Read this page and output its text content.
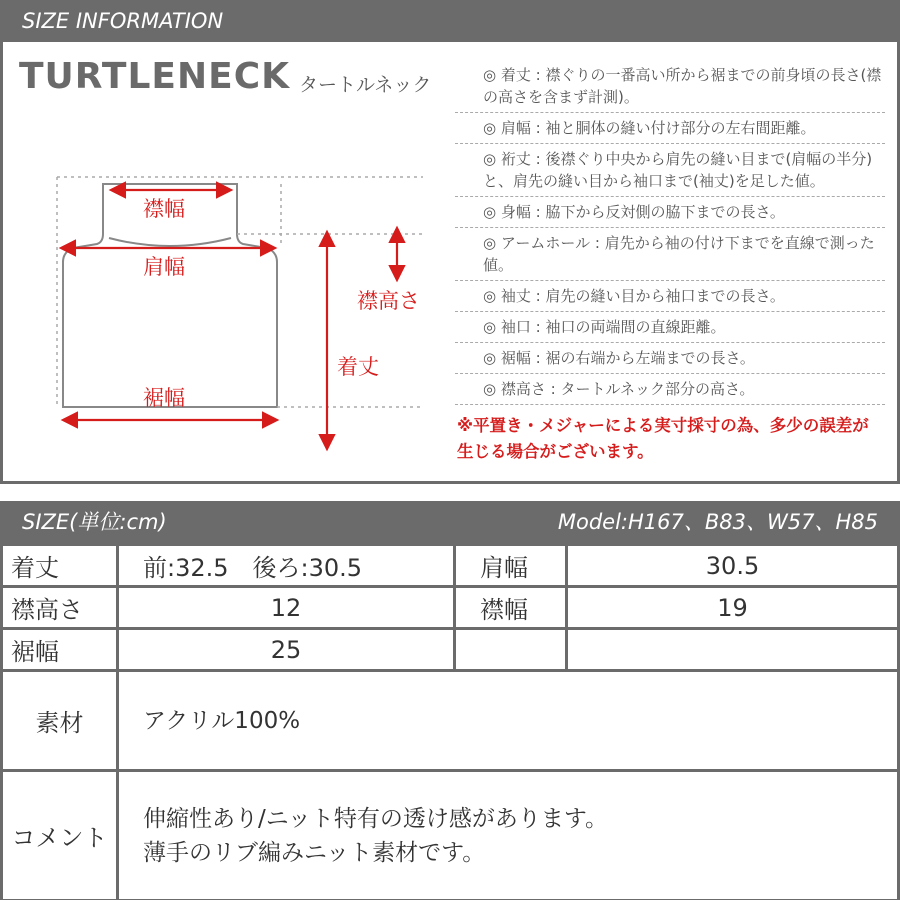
SIZE INFORMATION
TURTLENECK タートルネック
襟幅
肩幅
裾幅
着丈
襟高さ
◎ 着丈 : 襟ぐりの一番高い所から裾までの前身頃の長さ(襟の高さを含まず計測)。
◎ 肩幅 : 袖と胴体の縫い付け部分の左右間距離。
◎ 裄丈 : 後襟ぐり中央から肩先の縫い目まで(肩幅の半分)と、肩先の縫い目から袖口まで(袖丈)を足した値。
◎ 身幅 : 脇下から反対側の脇下までの長さ。
◎ アームホール : 肩先から袖の付け下までを直線で測った値。
◎ 袖丈 : 肩先の縫い目から袖口までの長さ。
◎ 袖口 : 袖口の両端間の直線距離。
◎ 裾幅 : 裾の右端から左端までの長さ。
◎ 襟高さ : タートルネック部分の高さ。
※平置き・メジャーによる実寸採寸の為、多少の誤差が生じる場合がございます。
SIZE(単位:cm)	Model:H167、B83、W57、H85
着丈	前:32.5　後ろ:30.5	肩幅	30.5
襟高さ	12	襟幅	19
裾幅	25		
素材	アクリル100%		
コメント	伸縮性あり/ニット特有の透け感があります。
薄手のリブ編みニット素材です。		
